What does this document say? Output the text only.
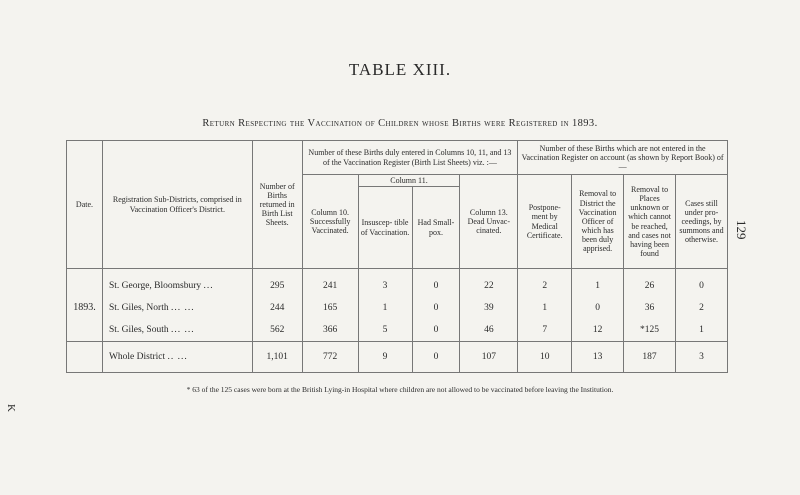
TABLE XIII.
Return Respecting the Vaccination of Children whose Births were Registered in 1893.
129
K
Date.	Registration Sub-Districts, comprised in Vaccination Officer's District.	Number of Births returned in Birth List Sheets.	Number of these Births duly entered in Columns 10, 11, and 13 of the Vaccination Register (Birth List Sheets) viz. :—				Number of these Births which are not entered in the Vaccination Register on account (as shown by Report Book) of—			
			Column 10. Successfully Vaccinated.	Column 11.		Column 13. Dead Unvac- cinated.	Postpone- ment by Medical Certificate.	Removal to District the Vaccination Officer of which has been duly apprised.	Removal to Places unknown or which cannot be reached, and cases not having been found	Cases still under pro- ceedings, by summons and otherwise.
				Insuscep- tible of Vaccination.	Had Small- pox.					
1893.	St. George, Bloomsbury ...	295	241	3	0	22	2	1	26	0
	St. Giles, North ... ...	244	165	1	0	39	1	0	36	2
	St. Giles, South ... ...	562	366	5	0	46	7	12	*125	1
	Whole District .. ...	1,101	772	9	0	107	10	13	187	3
* 63 of the 125 cases were born at the British Lying-in Hospital where children are not allowed to be vaccinated before leaving the Institution.
